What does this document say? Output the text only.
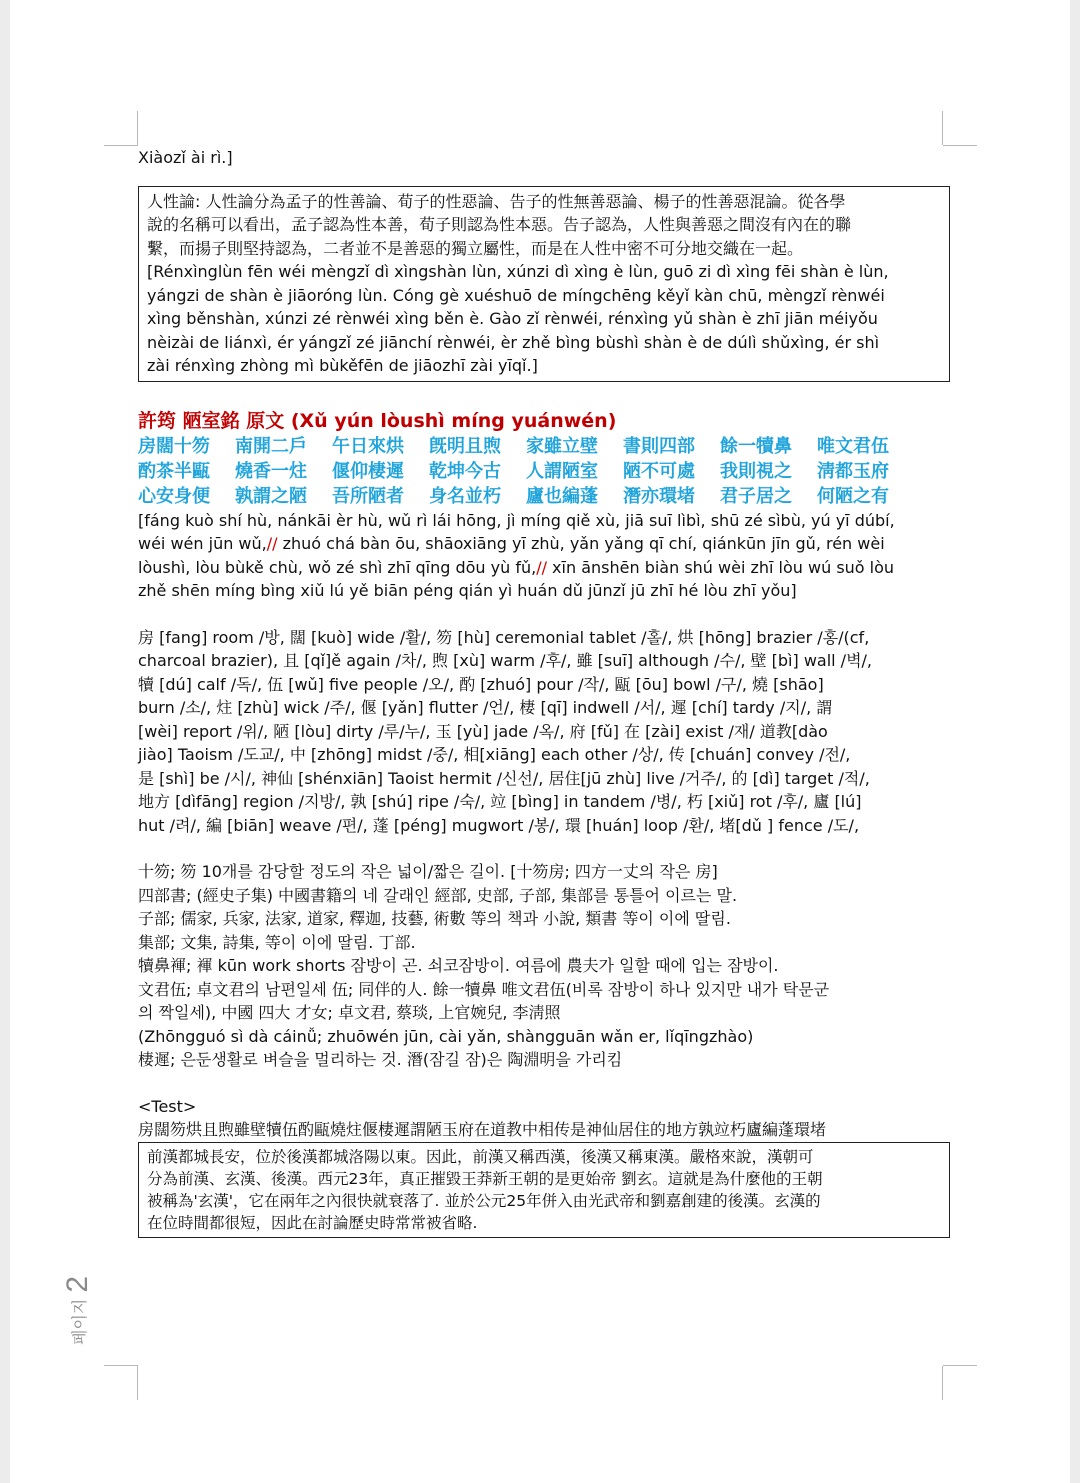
페이지
2
Xiàozǐ ài rì.]
人性論: 人性論分為孟子的性善論、荀子的性惡論、告子的性無善惡論、楊子的性善惡混論。從各學
說的名稱可以看出，孟子認為性本善，荀子則認為性本惡。告子認為，人性與善惡之間沒有內在的聯
繫，而揚子則堅持認為，二者並不是善惡的獨立屬性，而是在人性中密不可分地交織在一起。
[Rénxìnglùn fēn wéi mèngzǐ dì xìngshàn lùn, xúnzi dì xìng è lùn, guō zi dì xìng fēi shàn è lùn,
yángzi de shàn è jiāoróng lùn. Cóng gè xuéshuō de míngchēng kěyǐ kàn chū, mèngzǐ rènwéi
xìng běnshàn, xúnzi zé rènwéi xìng běn è. Gào zǐ rènwéi, rénxìng yǔ shàn è zhī jiān méiyǒu
nèizài de liánxì, ér yángzǐ zé jiānchí rènwéi, èr zhě bìng bùshì shàn è de dúlì shǔxìng, ér shì
zài rénxìng zhòng mì bùkěfēn de jiāozhī zài yīqǐ.]
許筠 陋室銘 原文 (Xǔ yún lòushì míng yuánwén)
房闊十笏	南開二戶	午日來烘	旣明且煦	家雖立壁	書則四部	餘一犢鼻	唯文君伍
酌茶半甌	燒香一炷	偃仰棲遲	乾坤今古	人謂陋室	陋不可處	我則視之	淸都玉府
心安身便	孰謂之陋	吾所陋者	身名並朽	廬也編蓬	潛亦環堵	君子居之	何陋之有
[fáng kuò shí hù, nánkāi èr hù, wǔ rì lái hōng, jì míng qiě xù, jiā suī lìbì, shū zé sìbù, yú yī dúbí,
wéi wén jūn wǔ,// zhuó chá bàn ōu, shāoxiāng yī zhù, yǎn yǎng qī chí, qiánkūn jīn gǔ, rén wèi
lòushì, lòu bùkě chù, wǒ zé shì zhī qīng dōu yù fǔ,// xīn ānshēn biàn shú wèi zhī lòu wú suǒ lòu
zhě shēn míng bìng xiǔ lú yě biān péng qián yì huán dǔ jūnzǐ jū zhī hé lòu zhī yǒu]
房 [fang] room /방, 闊 [kuò] wide /활/, 笏 [hù] ceremonial tablet /홀/, 烘 [hōng] brazier /홍/(cf,
charcoal brazier), 且 [qǐ]ě again /차/, 煦 [xù] warm /후/, 雖 [suī] although /수/, 壁 [bì] wall /벽/,
犢 [dú] calf /독/, 伍 [wǔ] five people /오/, 酌 [zhuó] pour /작/, 甌 [ōu] bowl /구/, 燒 [shāo]
burn /소/, 炷 [zhù] wick /주/, 偃 [yǎn] flutter /언/, 棲 [qī] indwell /서/, 遲 [chí] tardy /지/, 謂
[wèi] report /위/, 陋 [lòu] dirty /루/누/, 玉 [yù] jade /옥/, 府 [fǔ] 在 [zài] exist /재/ 道教[dào
jiào] Taoism /도교/, 中 [zhōng] midst /중/, 相[xiāng] each other /상/, 传 [chuán] convey /전/,
是 [shì] be /시/, 神仙 [shénxiān] Taoist hermit /신선/, 居住[jū zhù] live /거주/, 的 [dì] target /적/,
地方 [dìfāng] region /지방/, 孰 [shú] ripe /숙/, 竝 [bìng] in tandem /병/, 朽 [xiǔ] rot /후/, 廬 [lú]
hut /려/, 編 [biān] weave /편/, 蓬 [péng] mugwort /봉/, 環 [huán] loop /환/, 堵[dǔ ] fence /도/,
十笏; 笏 10개를 감당할 정도의 작은 넓이/짧은 길이. [十笏房; 四方一丈의 작은 房]
四部書; (經史子集) 中國書籍의 네 갈래인 經部, 史部, 子部, 集部를 통틀어 이르는 말.
子部; 儒家, 兵家, 法家, 道家, 釋迦, 技藝, 術數 等의 책과 小說, 類書 等이 이에 딸림.
集部; 文集, 詩集, 等이 이에 딸림. 丁部.
犢鼻褌; 褌 kūn work shorts 잠방이 곤. 쇠코잠방이. 여름에 農夫가 일할 때에 입는 잠방이.
文君伍; 卓文君의 남편일세 伍; 同伴的人. 餘一犢鼻 唯文君伍(비록 잠방이 하나 있지만 내가 탁문군
의 짝일세), 中國 四大 才女; 卓文君, 蔡琰, 上官婉兒, 李淸照
(Zhōngguó sì dà cáinǚ; zhuōwén jūn, cài yǎn, shàngguān wǎn er, lǐqīngzhào)
棲遲; 은둔생활로 벼슬을 멀리하는 것. 潛(잠길 잠)은 陶淵明을 가리킴
<Test>
房闊笏烘且煦雖壁犢伍酌甌燒炷偃棲遲謂陋玉府在道教中相传是神仙居住的地方孰竝朽廬編蓬環堵
前漢都城長安，位於後漢都城洛陽以東。因此，前漢又稱西漢，後漢又稱東漢。嚴格來說，漢朝可
分為前漢、玄漢、後漢。西元23年，真正摧毀王莽新王朝的是更始帝 劉玄。這就是為什麼他的王朝
被稱為'玄漢'，它在兩年之內很快就衰落了. 並於公元25年併入由光武帝和劉嘉創建的後漢。玄漢的
在位時間都很短，因此在討論歷史時常常被省略.
